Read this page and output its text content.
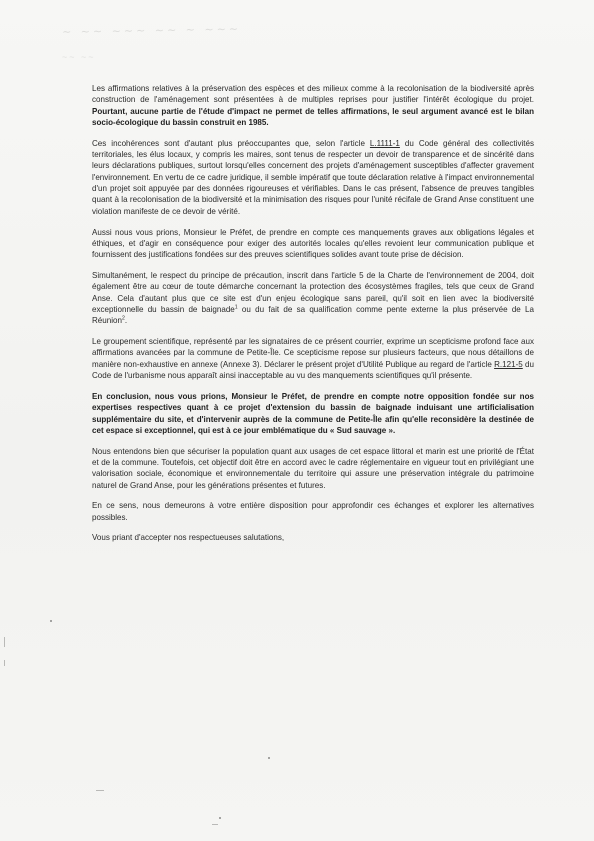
~ ~~ ~~~ ~~ ~ ~~~
~~ ~~

Les affirmations relatives à la préservation des espèces et des milieux comme à la recolonisation de la biodiversité après construction de l'aménagement sont présentées à de multiples reprises pour justifier l'intérêt écologique du projet. Pourtant, aucune partie de l'étude d'impact ne permet de telles affirmations, le seul argument avancé est le bilan socio-écologique du bassin construit en 1985.

Ces incohérences sont d'autant plus préoccupantes que, selon l'article L.1111-1 du Code général des collectivités territoriales, les élus locaux, y compris les maires, sont tenus de respecter un devoir de transparence et de sincérité dans leurs déclarations publiques, surtout lorsqu'elles concernent des projets d'aménagement susceptibles d'affecter gravement l'environnement. En vertu de ce cadre juridique, il semble impératif que toute déclaration relative à l'impact environnemental d'un projet soit appuyée par des données rigoureuses et vérifiables. Dans le cas présent, l'absence de preuves tangibles quant à la recolonisation de la biodiversité et la minimisation des risques pour l'unité récifale de Grand Anse constituent une violation manifeste de ce devoir de vérité.

Aussi nous vous prions, Monsieur le Préfet, de prendre en compte ces manquements graves aux obligations légales et éthiques, et d'agir en conséquence pour exiger des autorités locales qu'elles revoient leur communication publique et fournissent des justifications fondées sur des preuves scientifiques solides avant toute prise de décision.

Simultanément, le respect du principe de précaution, inscrit dans l'article 5 de la Charte de l'environnement de 2004, doit également être au cœur de toute démarche concernant la protection des écosystèmes fragiles, tels que ceux de Grand Anse. Cela d'autant plus que ce site est d'un enjeu écologique sans pareil, qu'il soit en lien avec la biodiversité exceptionnelle du bassin de baignade$^1$ ou du fait de sa qualification comme pente externe la plus préservée de La Réunion$^2$.

Le groupement scientifique, représenté par les signataires de ce présent courrier, exprime un scepticisme profond face aux affirmations avancées par la commune de Petite-Île. Ce scepticisme repose sur plusieurs facteurs, que nous détaillons de manière non-exhaustive en annexe (Annexe 3). Déclarer le présent projet d'Utilité Publique au regard de l'article R.121-5 du Code de l'urbanisme nous apparaît ainsi inacceptable au vu des manquements scientifiques qu'il présente.

En conclusion, nous vous prions, Monsieur le Préfet, de prendre en compte notre opposition fondée sur nos expertises respectives quant à ce projet d'extension du bassin de baignade induisant une artificialisation supplémentaire du site, et d'intervenir auprès de la commune de Petite-Île afin qu'elle reconsidère la destinée de cet espace si exceptionnel, qui est à ce jour emblématique du « Sud sauvage ».

Nous entendons bien que sécuriser la population quant aux usages de cet espace littoral et marin est une priorité de l'État et de la commune. Toutefois, cet objectif doit être en accord avec le cadre réglementaire en vigueur tout en privilégiant une valorisation sociale, économique et environnementale du territoire qui assure une préservation intégrale du patrimoine naturel de Grand Anse, pour les générations présentes et futures.

En ce sens, nous demeurons à votre entière disposition pour approfondir ces échanges et explorer les alternatives possibles.

Vous priant d'accepter nos respectueuses salutations,
